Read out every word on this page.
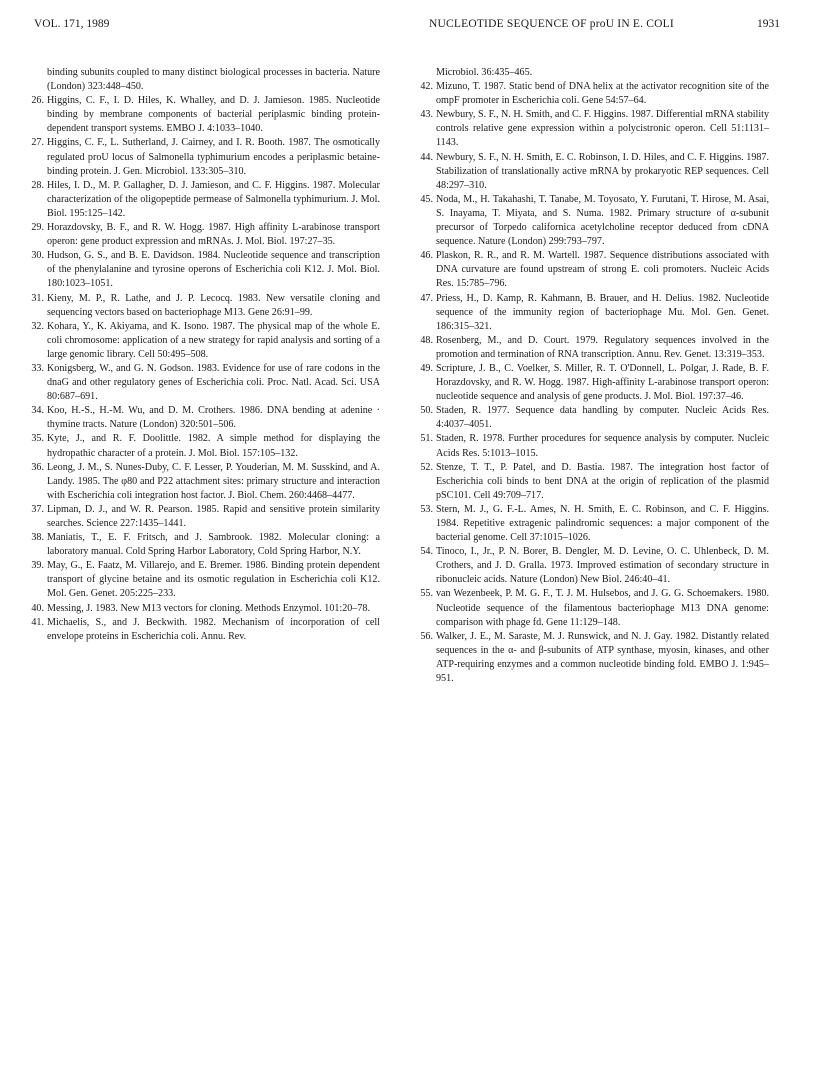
VOL. 171, 1989	NUCLEOTIDE SEQUENCE OF proU IN E. COLI	1931
binding subunits coupled to many distinct biological processes in bacteria. Nature (London) 323:448–450.
26. Higgins, C. F., I. D. Hiles, K. Whalley, and D. J. Jamieson. 1985. Nucleotide binding by membrane components of bacterial periplasmic binding protein-dependent transport systems. EMBO J. 4:1033–1040.
27. Higgins, C. F., L. Sutherland, J. Cairney, and I. R. Booth. 1987. The osmotically regulated proU locus of Salmonella typhimurium encodes a periplasmic betaine-binding protein. J. Gen. Microbiol. 133:305–310.
28. Hiles, I. D., M. P. Gallagher, D. J. Jamieson, and C. F. Higgins. 1987. Molecular characterization of the oligopeptide permease of Salmonella typhimurium. J. Mol. Biol. 195:125–142.
29. Horazdovsky, B. F., and R. W. Hogg. 1987. High affinity L-arabinose transport operon: gene product expression and mRNAs. J. Mol. Biol. 197:27–35.
30. Hudson, G. S., and B. E. Davidson. 1984. Nucleotide sequence and transcription of the phenylalanine and tyrosine operons of Escherichia coli K12. J. Mol. Biol. 180:1023–1051.
31. Kieny, M. P., R. Lathe, and J. P. Lecocq. 1983. New versatile cloning and sequencing vectors based on bacteriophage M13. Gene 26:91–99.
32. Kohara, Y., K. Akiyama, and K. Isono. 1987. The physical map of the whole E. coli chromosome: application of a new strategy for rapid analysis and sorting of a large genomic library. Cell 50:495–508.
33. Konigsberg, W., and G. N. Godson. 1983. Evidence for use of rare codons in the dnaG and other regulatory genes of Escherichia coli. Proc. Natl. Acad. Sci. USA 80:687–691.
34. Koo, H.-S., H.-M. Wu, and D. M. Crothers. 1986. DNA bending at adenine · thymine tracts. Nature (London) 320:501–506.
35. Kyte, J., and R. F. Doolittle. 1982. A simple method for displaying the hydropathic character of a protein. J. Mol. Biol. 157:105–132.
36. Leong, J. M., S. Nunes-Duby, C. F. Lesser, P. Youderian, M. M. Susskind, and A. Landy. 1985. The φ80 and P22 attachment sites: primary structure and interaction with Escherichia coli integration host factor. J. Biol. Chem. 260:4468–4477.
37. Lipman, D. J., and W. R. Pearson. 1985. Rapid and sensitive protein similarity searches. Science 227:1435–1441.
38. Maniatis, T., E. F. Fritsch, and J. Sambrook. 1982. Molecular cloning: a laboratory manual. Cold Spring Harbor Laboratory, Cold Spring Harbor, N.Y.
39. May, G., E. Faatz, M. Villarejo, and E. Bremer. 1986. Binding protein dependent transport of glycine betaine and its osmotic regulation in Escherichia coli K12. Mol. Gen. Genet. 205:225–233.
40. Messing, J. 1983. New M13 vectors for cloning. Methods Enzymol. 101:20–78.
41. Michaelis, S., and J. Beckwith. 1982. Mechanism of incorporation of cell envelope proteins in Escherichia coli. Annu. Rev.
Microbiol. 36:435–465.
42. Mizuno, T. 1987. Static bend of DNA helix at the activator recognition site of the ompF promoter in Escherichia coli. Gene 54:57–64.
43. Newbury, S. F., N. H. Smith, and C. F. Higgins. 1987. Differential mRNA stability controls relative gene expression within a polycistronic operon. Cell 51:1131–1143.
44. Newbury, S. F., N. H. Smith, E. C. Robinson, I. D. Hiles, and C. F. Higgins. 1987. Stabilization of translationally active mRNA by prokaryotic REP sequences. Cell 48:297–310.
45. Noda, M., H. Takahashi, T. Tanabe, M. Toyosato, Y. Furutani, T. Hirose, M. Asai, S. Inayama, T. Miyata, and S. Numa. 1982. Primary structure of α-subunit precursor of Torpedo californica acetylcholine receptor deduced from cDNA sequence. Nature (London) 299:793–797.
46. Plaskon, R. R., and R. M. Wartell. 1987. Sequence distributions associated with DNA curvature are found upstream of strong E. coli promoters. Nucleic Acids Res. 15:785–796.
47. Priess, H., D. Kamp, R. Kahmann, B. Brauer, and H. Delius. 1982. Nucleotide sequence of the immunity region of bacteriophage Mu. Mol. Gen. Genet. 186:315–321.
48. Rosenberg, M., and D. Court. 1979. Regulatory sequences involved in the promotion and termination of RNA transcription. Annu. Rev. Genet. 13:319–353.
49. Scripture, J. B., C. Voelker, S. Miller, R. T. O'Donnell, L. Polgar, J. Rade, B. F. Horazdovsky, and R. W. Hogg. 1987. High-affinity L-arabinose transport operon: nucleotide sequence and analysis of gene products. J. Mol. Biol. 197:37–46.
50. Staden, R. 1977. Sequence data handling by computer. Nucleic Acids Res. 4:4037–4051.
51. Staden, R. 1978. Further procedures for sequence analysis by computer. Nucleic Acids Res. 5:1013–1015.
52. Stenze, T. T., P. Patel, and D. Bastia. 1987. The integration host factor of Escherichia coli binds to bent DNA at the origin of replication of the plasmid pSC101. Cell 49:709–717.
53. Stern, M. J., G. F.-L. Ames, N. H. Smith, E. C. Robinson, and C. F. Higgins. 1984. Repetitive extragenic palindromic sequences: a major component of the bacterial genome. Cell 37:1015–1026.
54. Tinoco, I., Jr., P. N. Borer, B. Dengler, M. D. Levine, O. C. Uhlenbeck, D. M. Crothers, and J. D. Gralla. 1973. Improved estimation of secondary structure in ribonucleic acids. Nature (London) New Biol. 246:40–41.
55. van Wezenbeek, P. M. G. F., T. J. M. Hulsebos, and J. G. G. Schoemakers. 1980. Nucleotide sequence of the filamentous bacteriophage M13 DNA genome: comparison with phage fd. Gene 11:129–148.
56. Walker, J. E., M. Saraste, M. J. Runswick, and N. J. Gay. 1982. Distantly related sequences in the α- and β-subunits of ATP synthase, myosin, kinases, and other ATP-requiring enzymes and a common nucleotide binding fold. EMBO J. 1:945–951.
